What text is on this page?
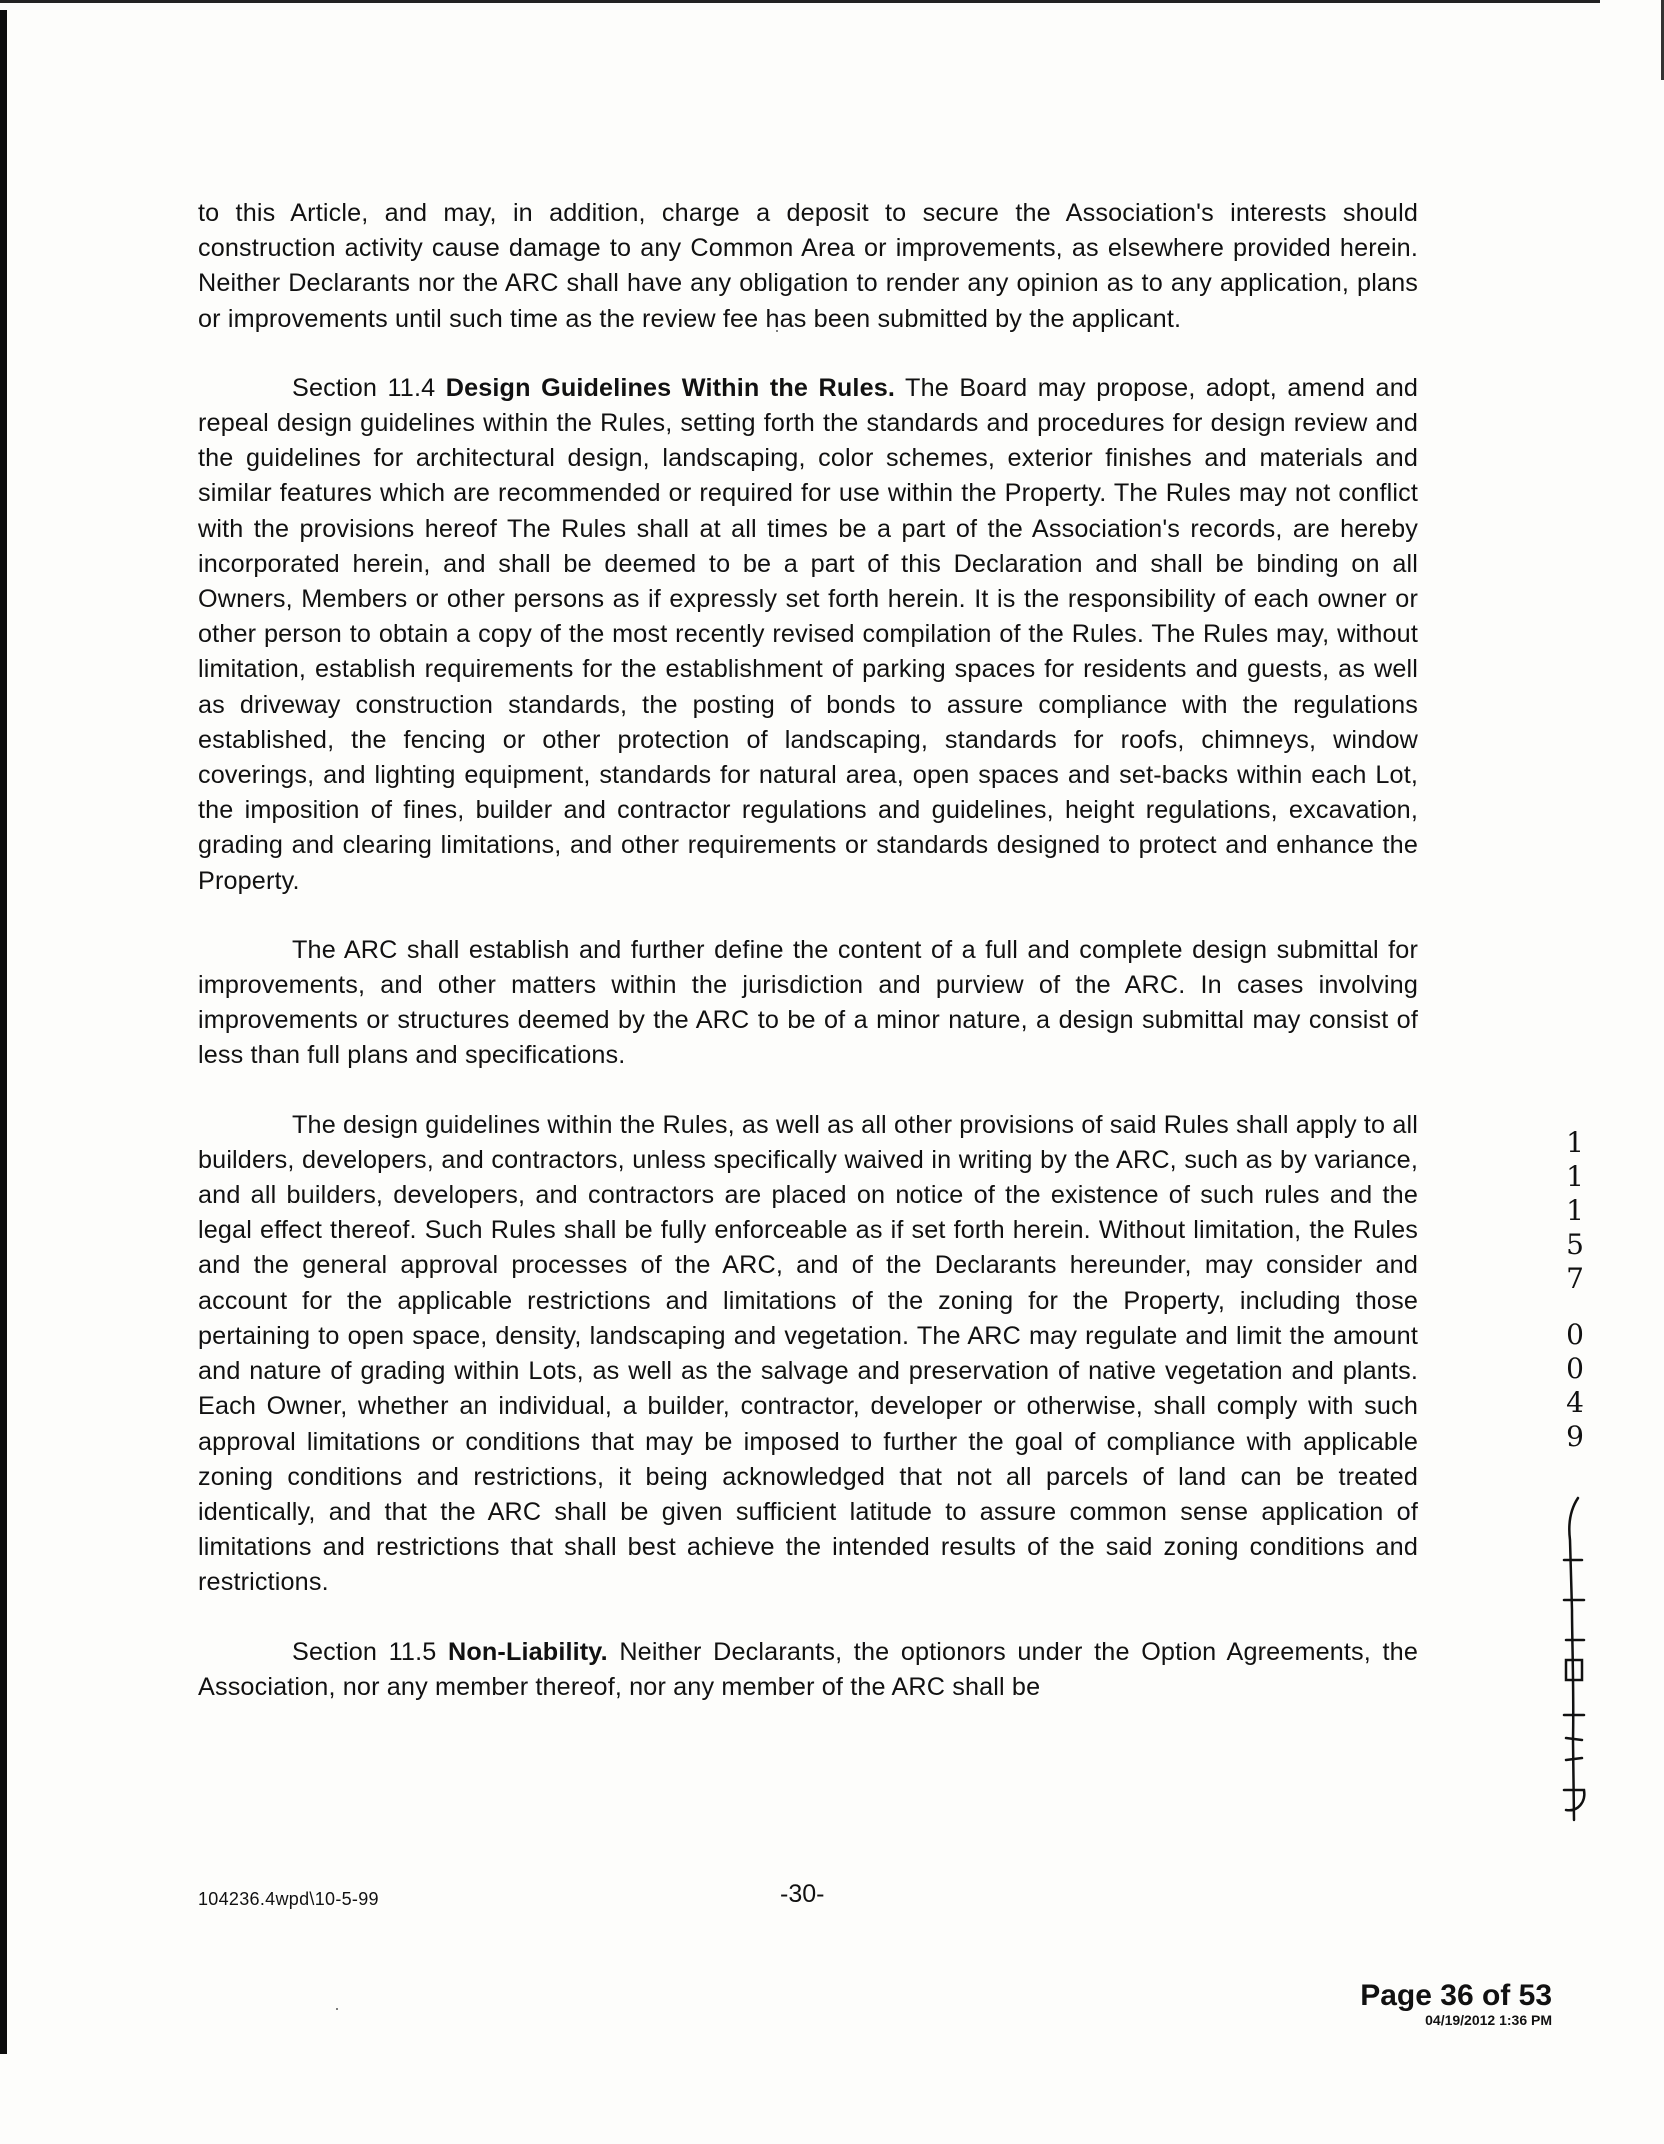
to this Article, and may, in addition, charge a deposit to secure the Association's interests should construction activity cause damage to any Common Area or improvements, as elsewhere provided herein. Neither Declarants nor the ARC shall have any obligation to render any opinion as to any application, plans or improvements until such time as the review fee has been submitted by the applicant.

Section 11.4 Design Guidelines Within the Rules. The Board may propose, adopt, amend and repeal design guidelines within the Rules, setting forth the standards and procedures for design review and the guidelines for architectural design, landscaping, color schemes, exterior finishes and materials and similar features which are recommended or required for use within the Property. The Rules may not conflict with the provisions hereof The Rules shall at all times be a part of the Association's records, are hereby incorporated herein, and shall be deemed to be a part of this Declaration and shall be binding on all Owners, Members or other persons as if expressly set forth herein. It is the responsibility of each owner or other person to obtain a copy of the most recently revised compilation of the Rules. The Rules may, without limitation, establish requirements for the establishment of parking spaces for residents and guests, as well as driveway construction standards, the posting of bonds to assure compliance with the regulations established, the fencing or other protection of landscaping, standards for roofs, chimneys, window coverings, and lighting equipment, standards for natural area, open spaces and set-backs within each Lot, the imposition of fines, builder and contractor regulations and guidelines, height regulations, excavation, grading and clearing limitations, and other requirements or standards designed to protect and enhance the Property.

The ARC shall establish and further define the content of a full and complete design submittal for improvements, and other matters within the jurisdiction and purview of the ARC. In cases involving improvements or structures deemed by the ARC to be of a minor nature, a design submittal may consist of less than full plans and specifications.

The design guidelines within the Rules, as well as all other provisions of said Rules shall apply to all builders, developers, and contractors, unless specifically waived in writing by the ARC, such as by variance, and all builders, developers, and contractors are placed on notice of the existence of such rules and the legal effect thereof. Such Rules shall be fully enforceable as if set forth herein. Without limitation, the Rules and the general approval processes of the ARC, and of the Declarants hereunder, may consider and account for the applicable restrictions and limitations of the zoning for the Property, including those pertaining to open space, density, landscaping and vegetation. The ARC may regulate and limit the amount and nature of grading within Lots, as well as the salvage and preservation of native vegetation and plants. Each Owner, whether an individual, a builder, contractor, developer or otherwise, shall comply with such approval limitations or conditions that may be imposed to further the goal of compliance with applicable zoning conditions and restrictions, it being acknowledged that not all parcels of land can be treated identically, and that the ARC shall be given sufficient latitude to assure common sense application of limitations and restrictions that shall best achieve the intended results of the said zoning conditions and restrictions.

Section 11.5 Non-Liability. Neither Declarants, the optionors under the Option Agreements, the Association, nor any member thereof, nor any member of the ARC shall be

104236.4wpd\10-5-99	-30-
1
1
1
5
7
0
0
4
9
Page 36 of 53
04/19/2012 1:36 PM
